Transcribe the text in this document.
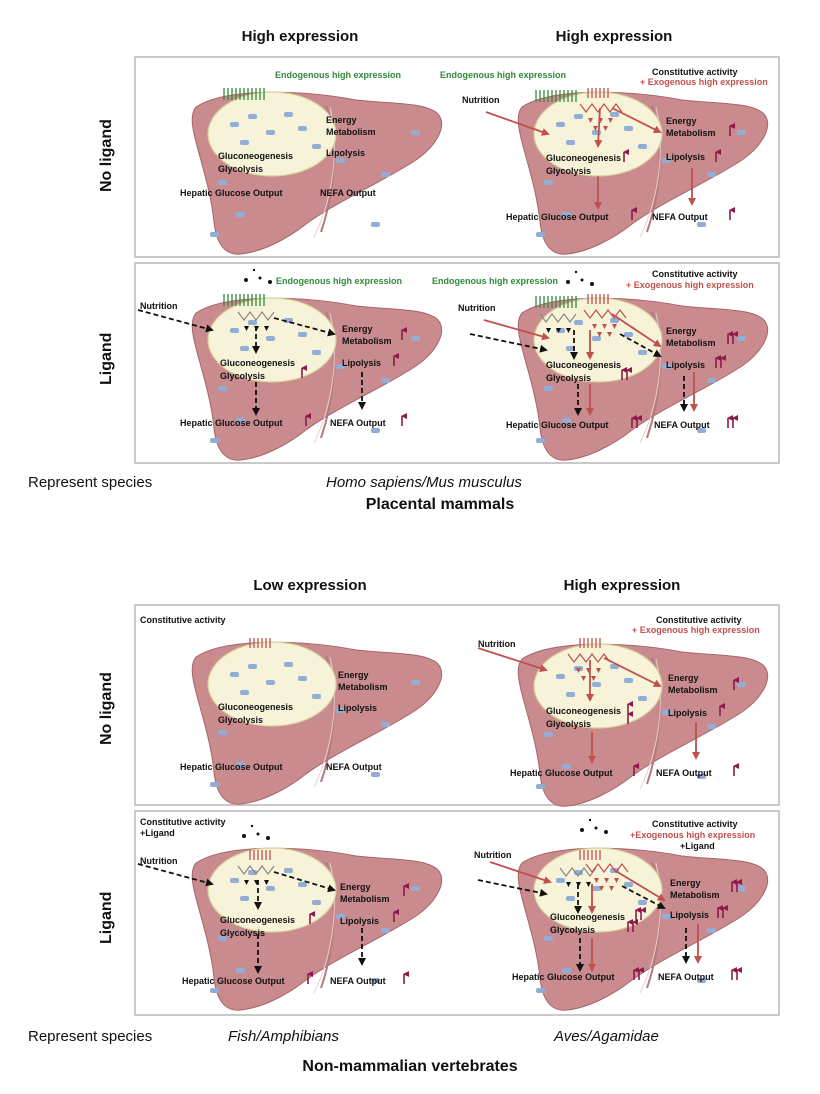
High expression	High expression
No ligand
Ligand
Represent species	Homo sapiens/Mus musculus
Placental mammals
Low expression	High expression
No ligand
Ligand
Represent species	Fish/Amphibians	Aves/Agamidae
Non-mammalian vertebrates
Endogenous high expression
Energy
Metabolism
Lipolysis
Gluconeogenesis
Glycolysis
Hepatic Glucose Output	NEFA Output
Endogenous high expression	Constitutive activity
+ Exogenous high expression
Nutrition
Energy
Metabolism
Lipolysis
Gluconeogenesis
Glycolysis
Hepatic Glucose Output	NEFA Output
Endogenous high expression
Nutrition
Energy
Metabolism
Lipolysis
Gluconeogenesis
Glycolysis
Hepatic Glucose Output	NEFA Output
Endogenous high expression
Constitutive activity
+ Exogenous high expression
Nutrition
Energy
Metabolism
Lipolysis
Gluconeogenesis
Glycolysis
Hepatic Glucose Output	NEFA Output
Constitutive activity
Energy
Metabolism
Lipolysis
Gluconeogenesis
Glycolysis
Hepatic Glucose Output	NEFA Output
Constitutive activity
+ Exogenous high expression
Nutrition
Energy
Metabolism
Lipolysis
Gluconeogenesis
Glycolysis
Hepatic Glucose Output	NEFA Output
Constitutive activity
+Ligand
Nutrition
Energy
Metabolism
Lipolysis
Gluconeogenesis
Glycolysis
Hepatic Glucose Output	NEFA Output
Constitutive activity
+Exogenous high expression
+Ligand
Nutrition
Energy
Metabolism
Lipolysis
Gluconeogenesis
Glycolysis
Hepatic Glucose Output	NEFA Output
